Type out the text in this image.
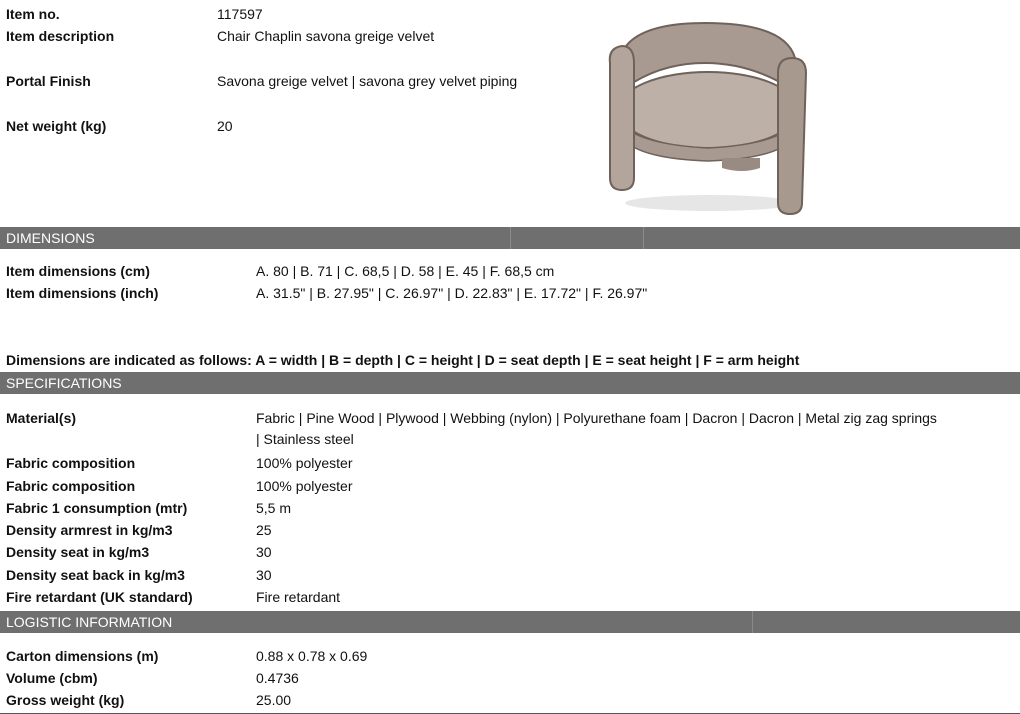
Item no.	117597
Item description	Chair Chaplin savona greige velvet
Portal Finish	Savona greige velvet | savona grey velvet piping
Net weight (kg)	20
DIMENSIONS
Item dimensions (cm)	A. 80 | B. 71 | C. 68,5 | D. 58 | E. 45 | F. 68,5 cm
Item dimensions (inch)	A. 31.5" | B. 27.95" | C. 26.97" | D. 22.83" | E. 17.72" | F. 26.97"
Dimensions are indicated as follows: A = width | B = depth | C = height | D = seat depth | E = seat height | F = arm height
SPECIFICATIONS
Material(s)	Fabric | Pine Wood | Plywood | Webbing (nylon) | Polyurethane foam | Dacron | Dacron | Metal zig zag springs
| Stainless steel
Fabric composition	100% polyester
Fabric composition	100% polyester
Fabric 1 consumption (mtr)	5,5 m
Density armrest in kg/m3	25
Density seat in kg/m3	30
Density seat back in kg/m3	30
Fire retardant (UK standard)	Fire retardant
LOGISTIC INFORMATION
Carton dimensions (m)	0.88 x 0.78 x 0.69
Volume (cbm)	0.4736
Gross weight (kg)	25.00
